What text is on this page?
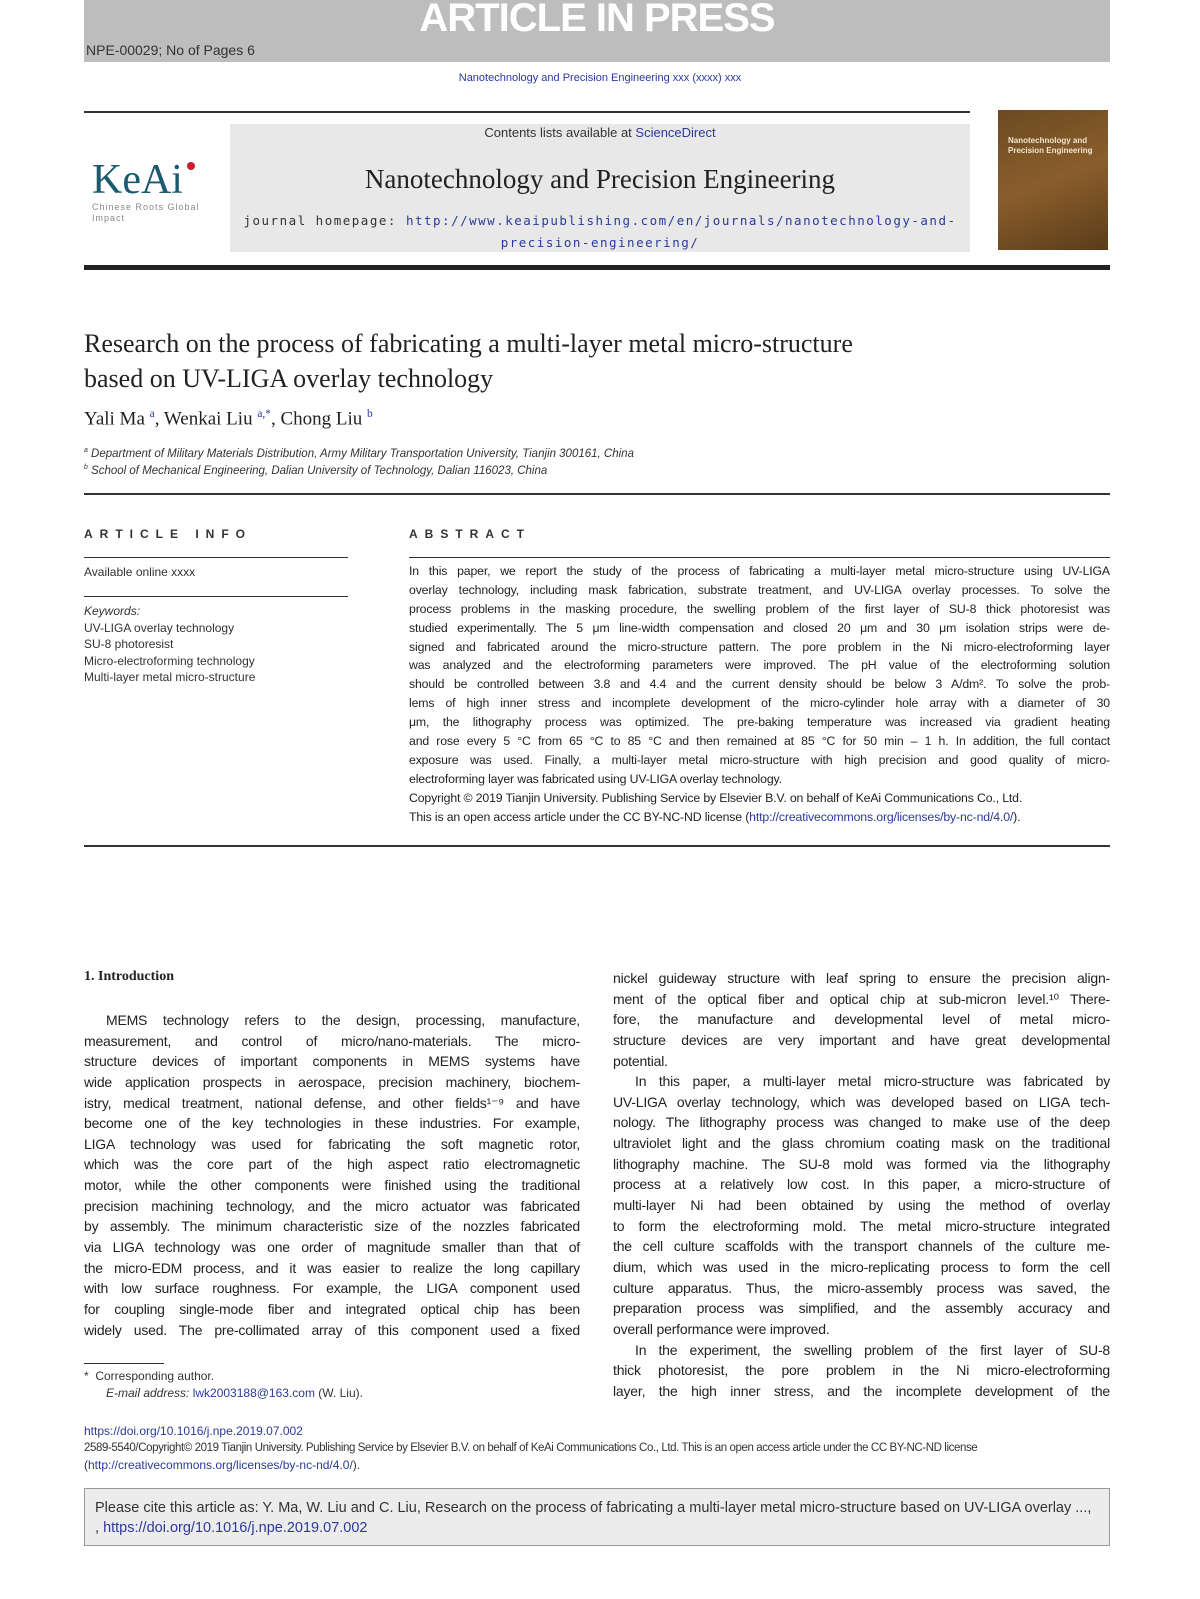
ARTICLE IN PRESS
NPE-00029; No of Pages 6
Nanotechnology and Precision Engineering xxx (xxxx) xxx
KeAi
Chinese Roots Global Impact
Contents lists available at ScienceDirect
Nanotechnology and Precision Engineering
journal homepage: http://www.keaipublishing.com/en/journals/nanotechnology-and-precision-engineering/
Nanotechnology and Precision Engineering
Research on the process of fabricating a multi-layer metal micro-structure based on UV-LIGA overlay technology
Yali Ma $^a$, Wenkai Liu $^{a,*}$, Chong Liu $^b$
$^a$ Department of Military Materials Distribution, Army Military Transportation University, Tianjin 300161, China
$^b$ School of Mechanical Engineering, Dalian University of Technology, Dalian 116023, China
ARTICLE INFO
Available online xxxx
Keywords:
UV-LIGA overlay technology
SU-8 photoresist
Micro-electroforming technology
Multi-layer metal micro-structure
ABSTRACT
In this paper, we report the study of the process of fabricating a multi-layer metal micro-structure using UV-LIGA
overlay technology, including mask fabrication, substrate treatment, and UV-LIGA overlay processes. To solve the
process problems in the masking procedure, the swelling problem of the first layer of SU-8 thick photoresist was
studied experimentally. The 5 μm line-width compensation and closed 20 μm and 30 μm isolation strips were de-
signed and fabricated around the micro-structure pattern. The pore problem in the Ni micro-electroforming layer
was analyzed and the electroforming parameters were improved. The pH value of the electroforming solution
should be controlled between 3.8 and 4.4 and the current density should be below 3 A/dm². To solve the prob-
lems of high inner stress and incomplete development of the micro-cylinder hole array with a diameter of 30
μm, the lithography process was optimized. The pre-baking temperature was increased via gradient heating
and rose every 5 °C from 65 °C to 85 °C and then remained at 85 °C for 50 min – 1 h. In addition, the full contact
exposure was used. Finally, a multi-layer metal micro-structure with high precision and good quality of micro-
electroforming layer was fabricated using UV-LIGA overlay technology.
Copyright © 2019 Tianjin University. Publishing Service by Elsevier B.V. on behalf of KeAi Communications Co., Ltd.
This is an open access article under the CC BY-NC-ND license (http://creativecommons.org/licenses/by-nc-nd/4.0/).
1. Introduction
MEMS technology refers to the design, processing, manufacture,
measurement, and control of micro/nano-materials. The micro-
structure devices of important components in MEMS systems have
wide application prospects in aerospace, precision machinery, biochem-
istry, medical treatment, national defense, and other fields¹⁻⁹ and have
become one of the key technologies in these industries. For example,
LIGA technology was used for fabricating the soft magnetic rotor,
which was the core part of the high aspect ratio electromagnetic
motor, while the other components were finished using the traditional
precision machining technology, and the micro actuator was fabricated
by assembly. The minimum characteristic size of the nozzles fabricated
via LIGA technology was one order of magnitude smaller than that of
the micro-EDM process, and it was easier to realize the long capillary
with low surface roughness. For example, the LIGA component used
for coupling single-mode fiber and integrated optical chip has been
widely used. The pre-collimated array of this component used a fixed
nickel guideway structure with leaf spring to ensure the precision align-
ment of the optical fiber and optical chip at sub-micron level.¹⁰ There-
fore, the manufacture and developmental level of metal micro-
structure devices are very important and have great developmental
potential.
In this paper, a multi-layer metal micro-structure was fabricated by
UV-LIGA overlay technology, which was developed based on LIGA tech-
nology. The lithography process was changed to make use of the deep
ultraviolet light and the glass chromium coating mask on the traditional
lithography machine. The SU-8 mold was formed via the lithography
process at a relatively low cost. In this paper, a micro-structure of
multi-layer Ni had been obtained by using the method of overlay
to form the electroforming mold. The metal micro-structure integrated
the cell culture scaffolds with the transport channels of the culture me-
dium, which was used in the micro-replicating process to form the cell
culture apparatus. Thus, the micro-assembly process was saved, the
preparation process was simplified, and the assembly accuracy and
overall performance were improved.
In the experiment, the swelling problem of the first layer of SU-8
thick photoresist, the pore problem in the Ni micro-electroforming
layer, the high inner stress, and the incomplete development of the
* Corresponding author.
E-mail address: lwk2003188@163.com (W. Liu).
https://doi.org/10.1016/j.npe.2019.07.002
2589-5540/Copyright© 2019 Tianjin University. Publishing Service by Elsevier B.V. on behalf of KeAi Communications Co., Ltd. This is an open access article under the CC BY-NC-ND license
(http://creativecommons.org/licenses/by-nc-nd/4.0/).
Please cite this article as: Y. Ma, W. Liu and C. Liu, Research on the process of fabricating a multi-layer metal micro-structure based on UV-LIGA overlay ..., , https://doi.org/10.1016/j.npe.2019.07.002
